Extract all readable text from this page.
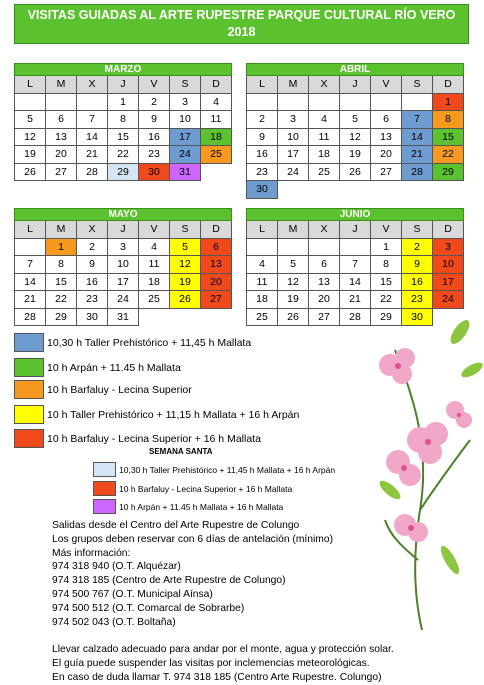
VISITAS GUIADAS AL ARTE RUPESTRE PARQUE CULTURAL RÍO VERO 2018
MARZO						
L	M	X	J	V	S	D
			1	2	3	4
5	6	7	8	9	10	11
12	13	14	15	16	17	18
19	20	21	22	23	24	25
26	27	28	29	30	31	
ABRIL						
L	M	X	J	V	S	D
						1
2	3	4	5	6	7	8
9	10	11	12	13	14	15
16	17	18	19	20	21	22
23	24	25	26	27	28	29
30						
MAYO						
L	M	X	J	V	S	D
	1	2	3	4	5	6
7	8	9	10	11	12	13
14	15	16	17	18	19	20
21	22	23	24	25	26	27
28	29	30	31			
JUNIO						
L	M	X	J	V	S	D
				1	2	3
4	5	6	7	8	9	10
11	12	13	14	15	16	17
18	19	20	21	22	23	24
25	26	27	28	29	30	
10,30 h Taller Prehistórico + 11,45 h Mallata
10 h Arpán + 11.45 h Mallata
10 h Barfaluy - Lecina Superior
10 h Taller Prehistórico + 11,15 h Mallata + 16 h Arpán
10 h Barfaluy - Lecina Superior + 16 h Mallata
SEMANA SANTA
10,30 h Taller Prehistórico + 11,45 h Mallata + 16 h Arpán
10 h Barfaluy - Lecina Superior + 16 h Mallata
10 h Arpán + 11.45 h Mallata + 16 h Mallata
Salidas desde el Centro del Arte Rupestre de Colungo
Los grupos deben reservar con 6 días de antelación (mínimo)
Más información:
974 318 940 (O.T. Alquézar)
974 318 185 (Centro de Arte Rupestre de Colungo)
974 500 767 (O.T. Municipal Aínsa)
974 500 512 (O.T. Comarcal de Sobrarbe)
974 502 043 (O.T. Boltaña)
Llevar calzado adecuado para andar por el monte, agua y protección solar.
El guía puede suspender las visitas por inclemencias meteorológicas.
En caso de duda llamar T. 974 318 185 (Centro Arte Rupestre. Colungo)
